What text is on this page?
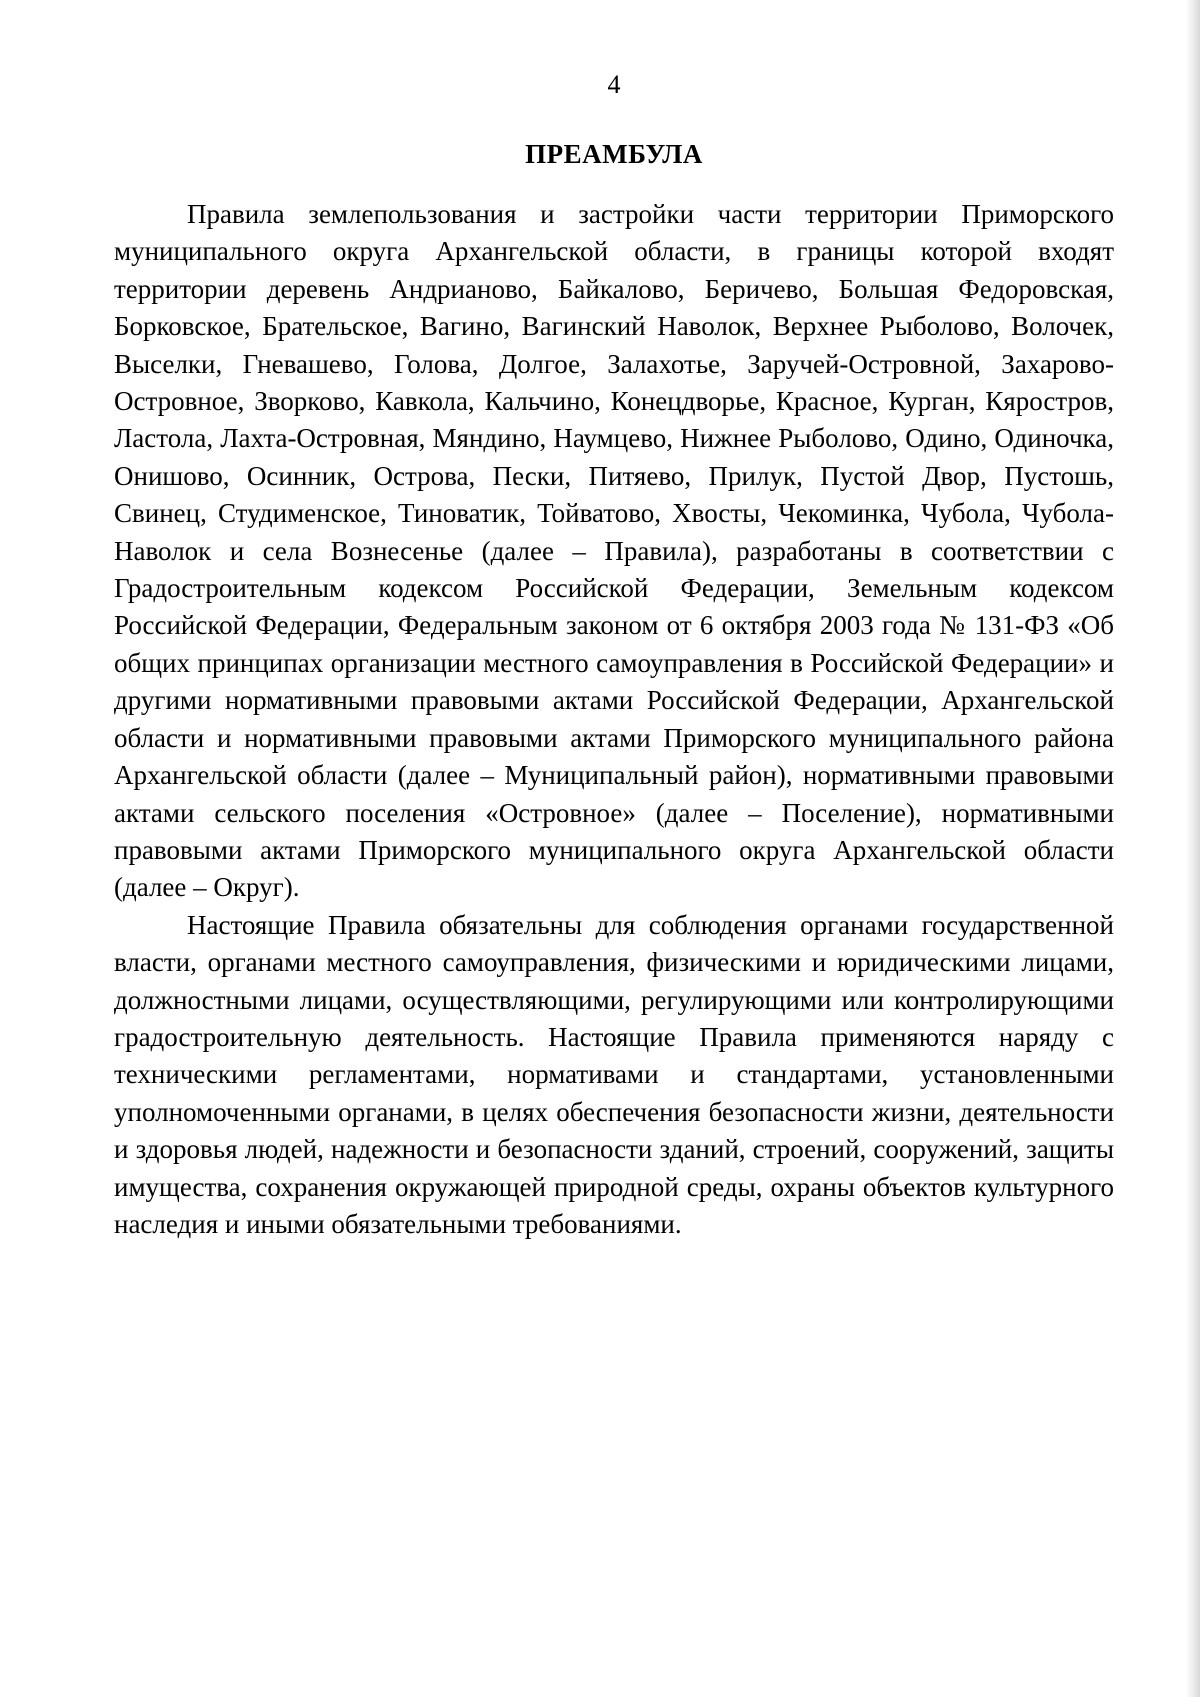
4
ПРЕАМБУЛА

Правила землепользования и застройки части территории Приморского муниципального округа Архангельской области, в границы которой входят территории деревень Андрианово, Байкалово, Беричево, Большая Федоровская, Борковское, Брательское, Вагино, Вагинский Наволок, Верхнее Рыболово, Волочек, Выселки, Гневашево, Голова, Долгое, Залахотье, Заручей-Островной, Захарово-Островное, Зворково, Кавкола, Кальчино, Конецдворье, Красное, Курган, Кяростров, Ластола, Лахта-Островная, Мяндино, Наумцево, Нижнее Рыболово, Одино, Одиночка, Онишово, Осинник, Острова, Пески, Питяево, Прилук, Пустой Двор, Пустошь, Свинец, Студименское, Тиноватик, Тойватово, Хвосты, Чекоминка, Чубола, Чубола-Наволок и села Вознесенье (далее – Правила), разработаны в соответствии с Градостроительным кодексом Российской Федерации, Земельным кодексом Российской Федерации, Федеральным законом от 6 октября 2003 года № 131-ФЗ «Об общих принципах организации местного самоуправления в Российской Федерации» и другими нормативными правовыми актами Российской Федерации, Архангельской области и нормативными правовыми актами Приморского муниципального района Архангельской области (далее – Муниципальный район), нормативными правовыми актами сельского поселения «Островное» (далее – Поселение), нормативными правовыми актами Приморского муниципального округа Архангельской области (далее – Округ).

Настоящие Правила обязательны для соблюдения органами государственной власти, органами местного самоуправления, физическими и юридическими лицами, должностными лицами, осуществляющими, регулирующими или контролирующими градостроительную деятельность. Настоящие Правила применяются наряду с техническими регламентами, нормативами и стандартами, установленными уполномоченными органами, в целях обеспечения безопасности жизни, деятельности и здоровья людей, надежности и безопасности зданий, строений, сооружений, защиты имущества, сохранения окружающей природной среды, охраны объектов культурного наследия и иными обязательными требованиями.
